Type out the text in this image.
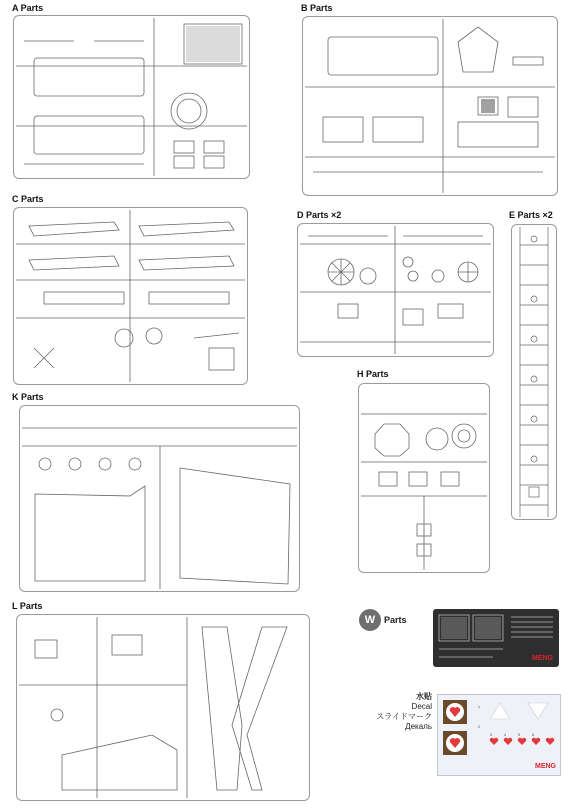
A Parts	B Parts
C Parts
D Parts ×2	E Parts ×2
H Parts
K Parts
L Parts
W Parts
MENG
水贴
Decal
スライドマーク
Декаль
1
2
3	4	5	6
MENG
